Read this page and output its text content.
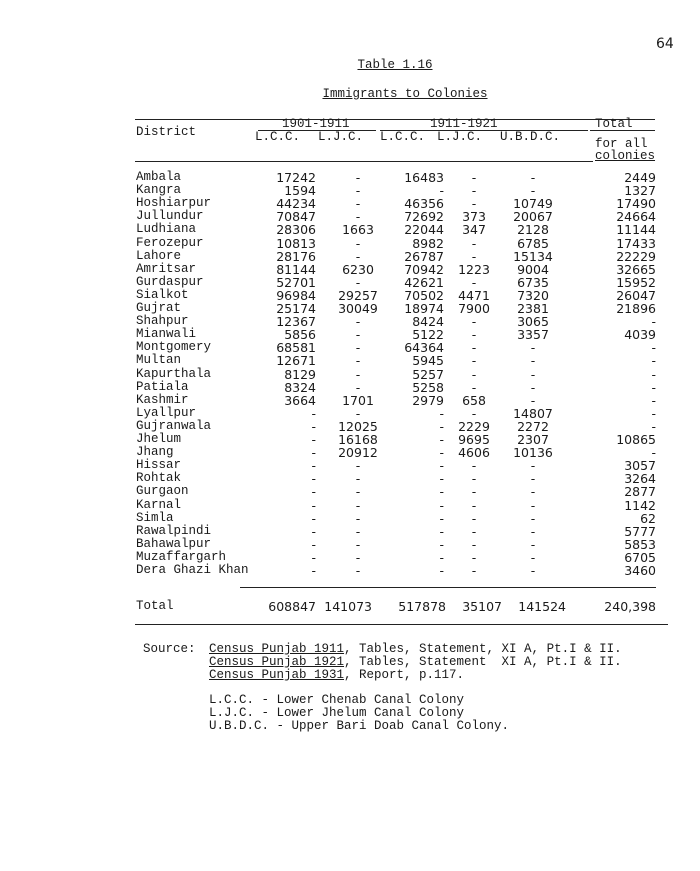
64
Table 1.16
Immigrants to Colonies
District
1901-1911	1911-1921
L.C.C. L.J.C. L.C.C. L.J.C. U.B.D.C.
Total
for all
colonies
Ambala	17242	-	16483	-	-	2449
Kangra	1594	-	-	-	-	1327
Hoshiarpur	44234	-	46356	-	10749	17490
Jullundur	70847	-	72692	373	20067	24664
Ludhiana	28306	1663	22044	347	2128	11144
Ferozepur	10813	-	8982	-	6785	17433
Lahore	28176	-	26787	-	15134	22229
Amritsar	81144	6230	70942	1223	9004	32665
Gurdaspur	52701	-	42621	-	6735	15952
Sialkot	96984	29257	70502	4471	7320	26047
Gujrat	25174	30049	18974	7900	2381	21896
Shahpur	12367	-	8424	-	3065	-
Mianwali	5856	-	5122	-	3357	4039
Montgomery	68581	-	64364	-	-	-
Multan	12671	-	5945	-	-	-
Kapurthala	8129	-	5257	-	-	-
Patiala	8324	-	5258	-	-	-
Kashmir	3664	1701	2979	658	-	-
Lyallpur	-	-	-	-	14807	-
Gujranwala	-	12025	-	2229	2272	-
Jhelum	-	16168	-	9695	2307	10865
Jhang	-	20912	-	4606	10136	-
Hissar	-	-	-	-	-	3057
Rohtak	-	-	-	-	-	3264
Gurgaon	-	-	-	-	-	2877
Karnal	-	-	-	-	-	1142
Simla	-	-	-	-	-	62
Rawalpindi	-	-	-	-	-	5777
Bahawalpur	-	-	-	-	-	5853
Muzaffargarh	-	-	-	-	-	6705
Dera Ghazi Khan	-	-	-	-	-	3460
Total	608847 141073	517878	35107	141524	240,398
Source: Census Punjab 1911, Tables, Statement, XI A, Pt.I & II.
Census Punjab 1921, Tables, Statement  XI A, Pt.I & II.
Census Punjab 1931, Report, p.117.
L.C.C. - Lower Chenab Canal Colony
L.J.C. - Lower Jhelum Canal Colony
U.B.D.C. - Upper Bari Doab Canal Colony.
